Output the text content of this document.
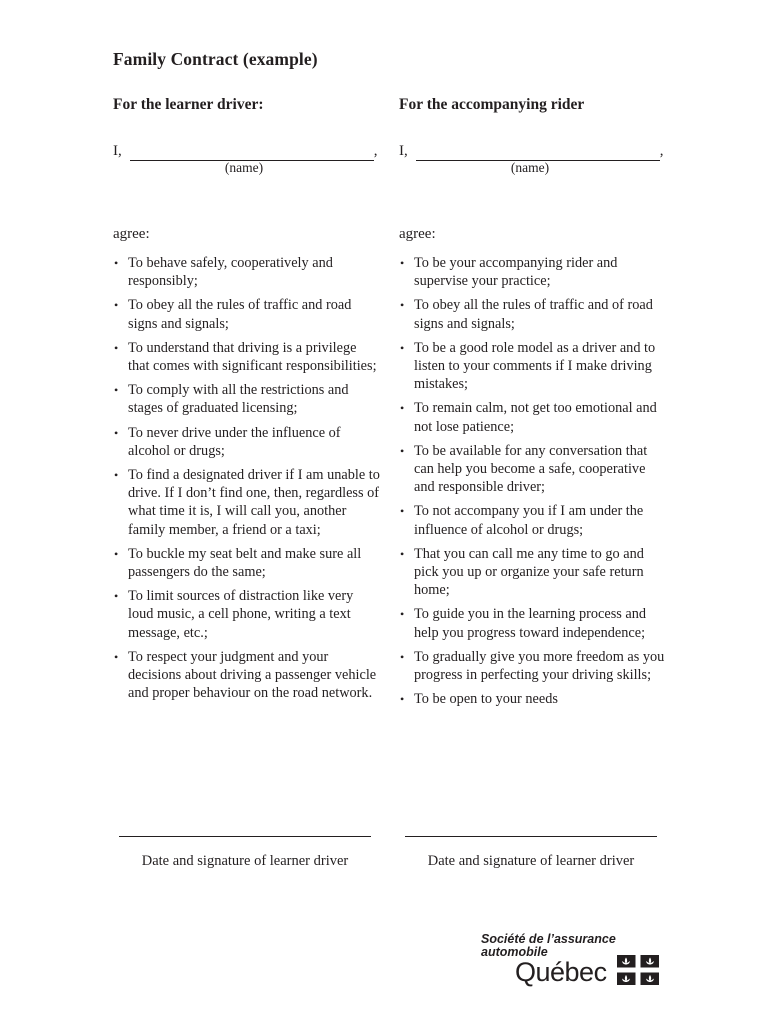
Family Contract (example)
For the learner driver:
I,	,
(name)
agree:
• To behave safely, cooperatively and responsibly;
• To obey all the rules of traffic and road signs and signals;
• To understand that driving is a privilege that comes with significant responsibilities;
• To comply with all the restrictions and stages of graduated licensing;
• To never drive under the influence of alcohol or drugs;
• To find a designated driver if I am unable to drive. If I don’t find one, then, regardless of what time it is, I will call you, another family member, a friend or a taxi;
• To buckle my seat belt and make sure all passengers do the same;
• To limit sources of distraction like very loud music, a cell phone, writing a text message, etc.;
• To respect your judgment and your decisions about driving a passenger vehicle and proper behaviour on the road network.
For the accompanying rider
I,	,
(name)
agree:
• To be your accompanying rider and supervise your practice;
• To obey all the rules of traffic and of road signs and signals;
• To be a good role model as a driver and to listen to your comments if I make driving mistakes;
• To remain calm, not get too emotional and not lose patience;
• To be available for any conversation that can help you become a safe, cooperative and responsible driver;
• To not accompany you if I am under the influence of alcohol or drugs;
• That you can call me any time to go and pick you up or organize your safe return home;
• To guide you in the learning process and help you progress toward independence;
• To gradually give you more freedom as you progress in perfecting your driving skills;
• To be open to your needs
Date and signature of learner driver	Date and signature of learner driver
Société de l’assurance
automobile
Québec
